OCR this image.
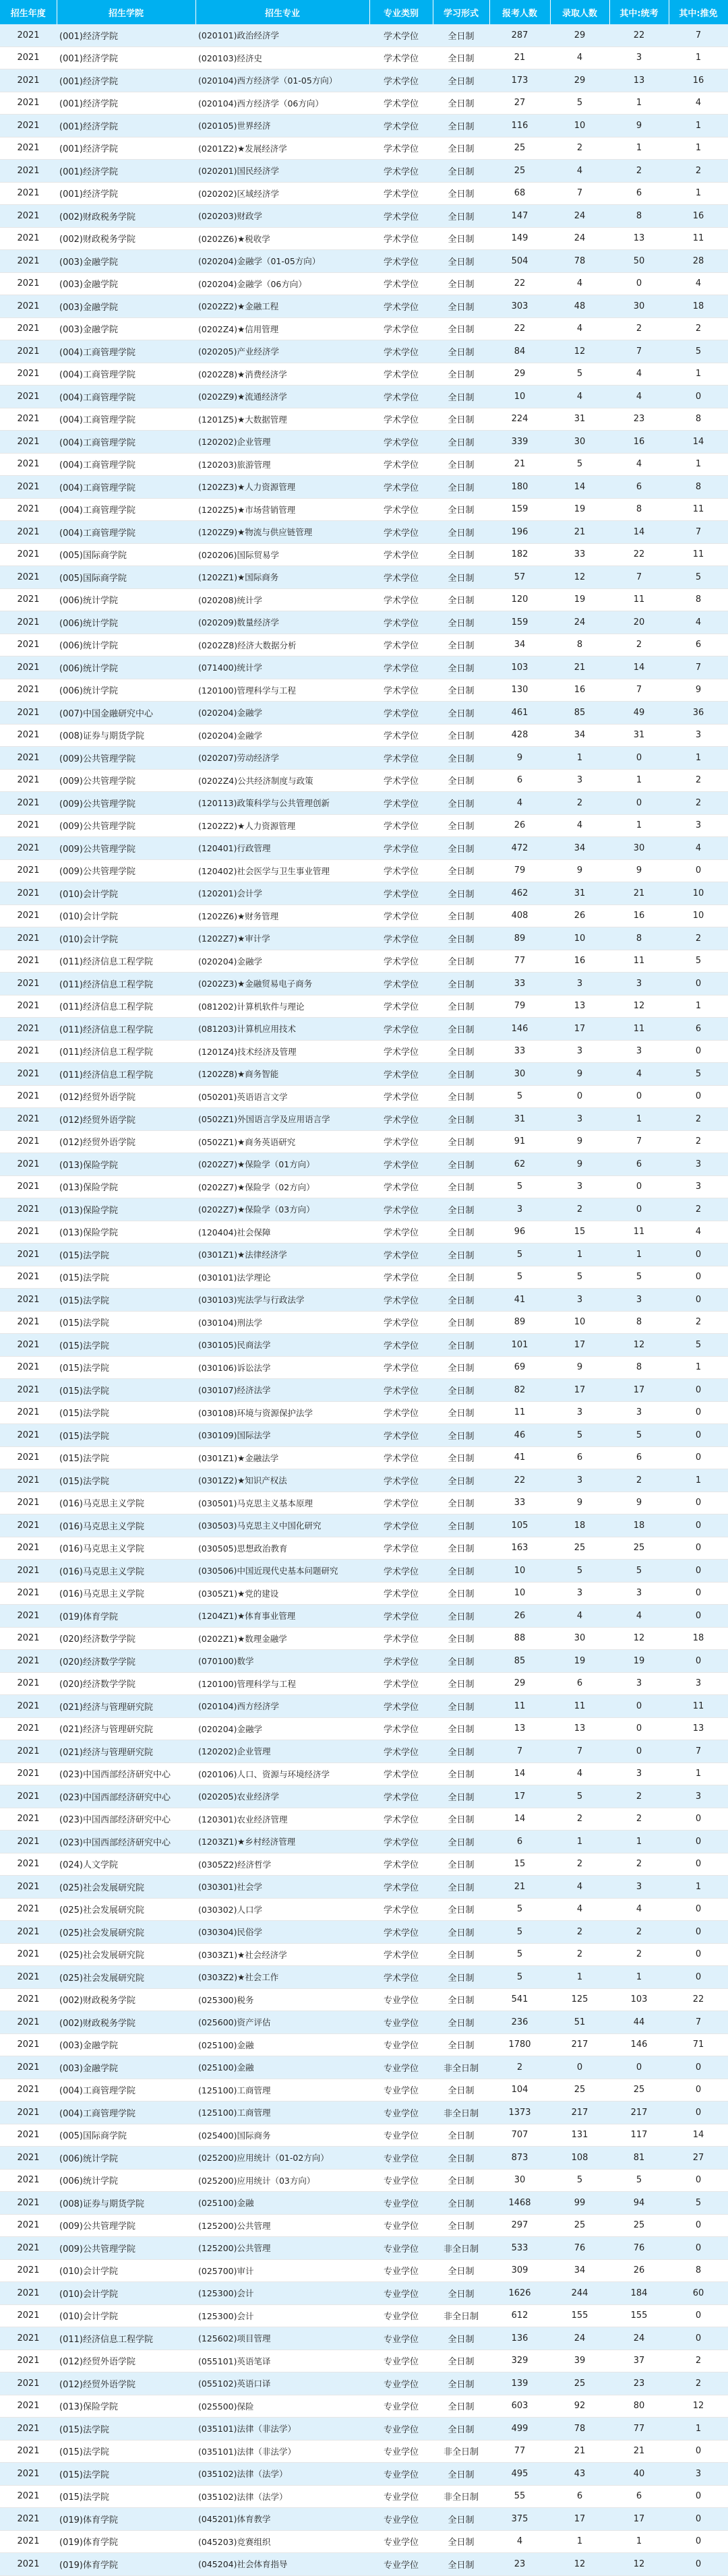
招生年度	招生学院	招生专业	专业类别	学习形式	报考人数	录取人数	其中:统考	其中:推免
2021	(001)经济学院	(020101)政治经济学	学术学位	全日制	287	29	22	7
2021	(001)经济学院	(020103)经济史	学术学位	全日制	21	4	3	1
2021	(001)经济学院	(020104)西方经济学（01-05方向）	学术学位	全日制	173	29	13	16
2021	(001)经济学院	(020104)西方经济学（06方向）	学术学位	全日制	27	5	1	4
2021	(001)经济学院	(020105)世界经济	学术学位	全日制	116	10	9	1
2021	(001)经济学院	(0201Z2)★发展经济学	学术学位	全日制	25	2	1	1
2021	(001)经济学院	(020201)国民经济学	学术学位	全日制	25	4	2	2
2021	(001)经济学院	(020202)区域经济学	学术学位	全日制	68	7	6	1
2021	(002)财政税务学院	(020203)财政学	学术学位	全日制	147	24	8	16
2021	(002)财政税务学院	(0202Z6)★税收学	学术学位	全日制	149	24	13	11
2021	(003)金融学院	(020204)金融学（01-05方向）	学术学位	全日制	504	78	50	28
2021	(003)金融学院	(020204)金融学（06方向）	学术学位	全日制	22	4	0	4
2021	(003)金融学院	(0202Z2)★金融工程	学术学位	全日制	303	48	30	18
2021	(003)金融学院	(0202Z4)★信用管理	学术学位	全日制	22	4	2	2
2021	(004)工商管理学院	(020205)产业经济学	学术学位	全日制	84	12	7	5
2021	(004)工商管理学院	(0202Z8)★消费经济学	学术学位	全日制	29	5	4	1
2021	(004)工商管理学院	(0202Z9)★流通经济学	学术学位	全日制	10	4	4	0
2021	(004)工商管理学院	(1201Z5)★大数据管理	学术学位	全日制	224	31	23	8
2021	(004)工商管理学院	(120202)企业管理	学术学位	全日制	339	30	16	14
2021	(004)工商管理学院	(120203)旅游管理	学术学位	全日制	21	5	4	1
2021	(004)工商管理学院	(1202Z3)★人力资源管理	学术学位	全日制	180	14	6	8
2021	(004)工商管理学院	(1202Z5)★市场营销管理	学术学位	全日制	159	19	8	11
2021	(004)工商管理学院	(1202Z9)★物流与供应链管理	学术学位	全日制	196	21	14	7
2021	(005)国际商学院	(020206)国际贸易学	学术学位	全日制	182	33	22	11
2021	(005)国际商学院	(1202Z1)★国际商务	学术学位	全日制	57	12	7	5
2021	(006)统计学院	(020208)统计学	学术学位	全日制	120	19	11	8
2021	(006)统计学院	(020209)数量经济学	学术学位	全日制	159	24	20	4
2021	(006)统计学院	(0202Z8)经济大数据分析	学术学位	全日制	34	8	2	6
2021	(006)统计学院	(071400)统计学	学术学位	全日制	103	21	14	7
2021	(006)统计学院	(120100)管理科学与工程	学术学位	全日制	130	16	7	9
2021	(007)中国金融研究中心	(020204)金融学	学术学位	全日制	461	85	49	36
2021	(008)证券与期货学院	(020204)金融学	学术学位	全日制	428	34	31	3
2021	(009)公共管理学院	(020207)劳动经济学	学术学位	全日制	9	1	0	1
2021	(009)公共管理学院	(0202Z4)公共经济制度与政策	学术学位	全日制	6	3	1	2
2021	(009)公共管理学院	(120113)政策科学与公共管理创新	学术学位	全日制	4	2	0	2
2021	(009)公共管理学院	(1202Z2)★人力资源管理	学术学位	全日制	26	4	1	3
2021	(009)公共管理学院	(120401)行政管理	学术学位	全日制	472	34	30	4
2021	(009)公共管理学院	(120402)社会医学与卫生事业管理	学术学位	全日制	79	9	9	0
2021	(010)会计学院	(120201)会计学	学术学位	全日制	462	31	21	10
2021	(010)会计学院	(1202Z6)★财务管理	学术学位	全日制	408	26	16	10
2021	(010)会计学院	(1202Z7)★审计学	学术学位	全日制	89	10	8	2
2021	(011)经济信息工程学院	(020204)金融学	学术学位	全日制	77	16	11	5
2021	(011)经济信息工程学院	(0202Z3)★金融贸易电子商务	学术学位	全日制	33	3	3	0
2021	(011)经济信息工程学院	(081202)计算机软件与理论	学术学位	全日制	79	13	12	1
2021	(011)经济信息工程学院	(081203)计算机应用技术	学术学位	全日制	146	17	11	6
2021	(011)经济信息工程学院	(1201Z4)技术经济及管理	学术学位	全日制	33	3	3	0
2021	(011)经济信息工程学院	(1202Z8)★商务智能	学术学位	全日制	30	9	4	5
2021	(012)经贸外语学院	(050201)英语语言文学	学术学位	全日制	5	0	0	0
2021	(012)经贸外语学院	(0502Z1)外国语言学及应用语言学	学术学位	全日制	31	3	1	2
2021	(012)经贸外语学院	(0502Z1)★商务英语研究	学术学位	全日制	91	9	7	2
2021	(013)保险学院	(0202Z7)★保险学（01方向）	学术学位	全日制	62	9	6	3
2021	(013)保险学院	(0202Z7)★保险学（02方向）	学术学位	全日制	5	3	0	3
2021	(013)保险学院	(0202Z7)★保险学（03方向）	学术学位	全日制	3	2	0	2
2021	(013)保险学院	(120404)社会保障	学术学位	全日制	96	15	11	4
2021	(015)法学院	(0301Z1)★法律经济学	学术学位	全日制	5	1	1	0
2021	(015)法学院	(030101)法学理论	学术学位	全日制	5	5	5	0
2021	(015)法学院	(030103)宪法学与行政法学	学术学位	全日制	41	3	3	0
2021	(015)法学院	(030104)刑法学	学术学位	全日制	89	10	8	2
2021	(015)法学院	(030105)民商法学	学术学位	全日制	101	17	12	5
2021	(015)法学院	(030106)诉讼法学	学术学位	全日制	69	9	8	1
2021	(015)法学院	(030107)经济法学	学术学位	全日制	82	17	17	0
2021	(015)法学院	(030108)环境与资源保护法学	学术学位	全日制	11	3	3	0
2021	(015)法学院	(030109)国际法学	学术学位	全日制	46	5	5	0
2021	(015)法学院	(0301Z1)★金融法学	学术学位	全日制	41	6	6	0
2021	(015)法学院	(0301Z2)★知识产权法	学术学位	全日制	22	3	2	1
2021	(016)马克思主义学院	(030501)马克思主义基本原理	学术学位	全日制	33	9	9	0
2021	(016)马克思主义学院	(030503)马克思主义中国化研究	学术学位	全日制	105	18	18	0
2021	(016)马克思主义学院	(030505)思想政治教育	学术学位	全日制	163	25	25	0
2021	(016)马克思主义学院	(030506)中国近现代史基本问题研究	学术学位	全日制	10	5	5	0
2021	(016)马克思主义学院	(0305Z1)★党的建设	学术学位	全日制	10	3	3	0
2021	(019)体育学院	(1204Z1)★体育事业管理	学术学位	全日制	26	4	4	0
2021	(020)经济数学学院	(0202Z1)★数理金融学	学术学位	全日制	88	30	12	18
2021	(020)经济数学学院	(070100)数学	学术学位	全日制	85	19	19	0
2021	(020)经济数学学院	(120100)管理科学与工程	学术学位	全日制	29	6	3	3
2021	(021)经济与管理研究院	(020104)西方经济学	学术学位	全日制	11	11	0	11
2021	(021)经济与管理研究院	(020204)金融学	学术学位	全日制	13	13	0	13
2021	(021)经济与管理研究院	(120202)企业管理	学术学位	全日制	7	7	0	7
2021	(023)中国西部经济研究中心	(020106)人口、资源与环境经济学	学术学位	全日制	14	4	3	1
2021	(023)中国西部经济研究中心	(020205)农业经济学	学术学位	全日制	17	5	2	3
2021	(023)中国西部经济研究中心	(120301)农业经济管理	学术学位	全日制	14	2	2	0
2021	(023)中国西部经济研究中心	(1203Z1)★乡村经济管理	学术学位	全日制	6	1	1	0
2021	(024)人文学院	(0305Z2)经济哲学	学术学位	全日制	15	2	2	0
2021	(025)社会发展研究院	(030301)社会学	学术学位	全日制	21	4	3	1
2021	(025)社会发展研究院	(030302)人口学	学术学位	全日制	5	4	4	0
2021	(025)社会发展研究院	(030304)民俗学	学术学位	全日制	5	2	2	0
2021	(025)社会发展研究院	(0303Z1)★社会经济学	学术学位	全日制	5	2	2	0
2021	(025)社会发展研究院	(0303Z2)★社会工作	学术学位	全日制	5	1	1	0
2021	(002)财政税务学院	(025300)税务	专业学位	全日制	541	125	103	22
2021	(002)财政税务学院	(025600)资产评估	专业学位	全日制	236	51	44	7
2021	(003)金融学院	(025100)金融	专业学位	全日制	1780	217	146	71
2021	(003)金融学院	(025100)金融	专业学位	非全日制	2	0	0	0
2021	(004)工商管理学院	(125100)工商管理	专业学位	全日制	104	25	25	0
2021	(004)工商管理学院	(125100)工商管理	专业学位	非全日制	1373	217	217	0
2021	(005)国际商学院	(025400)国际商务	专业学位	全日制	707	131	117	14
2021	(006)统计学院	(025200)应用统计（01-02方向）	专业学位	全日制	873	108	81	27
2021	(006)统计学院	(025200)应用统计（03方向）	专业学位	全日制	30	5	5	0
2021	(008)证券与期货学院	(025100)金融	专业学位	全日制	1468	99	94	5
2021	(009)公共管理学院	(125200)公共管理	专业学位	全日制	297	25	25	0
2021	(009)公共管理学院	(125200)公共管理	专业学位	非全日制	533	76	76	0
2021	(010)会计学院	(025700)审计	专业学位	全日制	309	34	26	8
2021	(010)会计学院	(125300)会计	专业学位	全日制	1626	244	184	60
2021	(010)会计学院	(125300)会计	专业学位	非全日制	612	155	155	0
2021	(011)经济信息工程学院	(125602)项目管理	专业学位	全日制	136	24	24	0
2021	(012)经贸外语学院	(055101)英语笔译	专业学位	全日制	329	39	37	2
2021	(012)经贸外语学院	(055102)英语口译	专业学位	全日制	139	25	23	2
2021	(013)保险学院	(025500)保险	专业学位	全日制	603	92	80	12
2021	(015)法学院	(035101)法律（非法学）	专业学位	全日制	499	78	77	1
2021	(015)法学院	(035101)法律（非法学）	专业学位	非全日制	77	21	21	0
2021	(015)法学院	(035102)法律（法学）	专业学位	全日制	495	43	40	3
2021	(015)法学院	(035102)法律（法学）	专业学位	非全日制	55	6	6	0
2021	(019)体育学院	(045201)体育教学	专业学位	全日制	375	17	17	0
2021	(019)体育学院	(045203)竞赛组织	专业学位	全日制	4	1	1	0
2021	(019)体育学院	(045204)社会体育指导	专业学位	全日制	23	12	12	0
